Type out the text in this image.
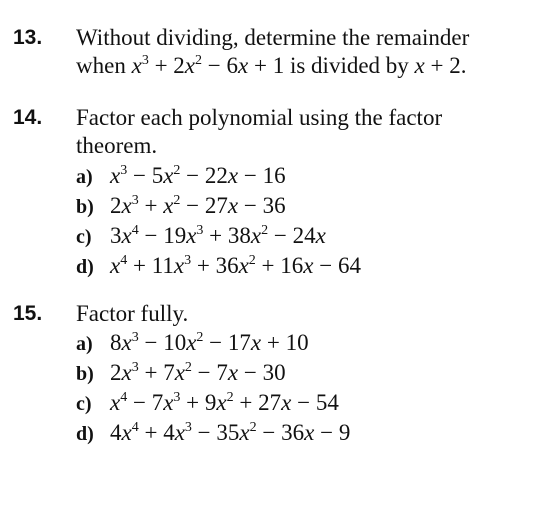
13. Without dividing, determine the remainder
when $x^3 + 2x^2 - 6x + 1$ is divided by x + 2.
14. Factor each polynomial using the factor
theorem.
a) $x^3 - 5x^2 - 22x - 16$
b) $2x^3 + x^2 - 27x - 36$
c) $3x^4 - 19x^3 + 38x^2 - 24x$
d) $x^4 + 11x^3 + 36x^2 + 16x - 64$
15. Factor fully.
a) $8x^3 - 10x^2 - 17x + 10$
b) $2x^3 + 7x^2 - 7x - 30$
c) $x^4 - 7x^3 + 9x^2 + 27x - 54$
d) $4x^4 + 4x^3 - 35x^2 - 36x - 9$
